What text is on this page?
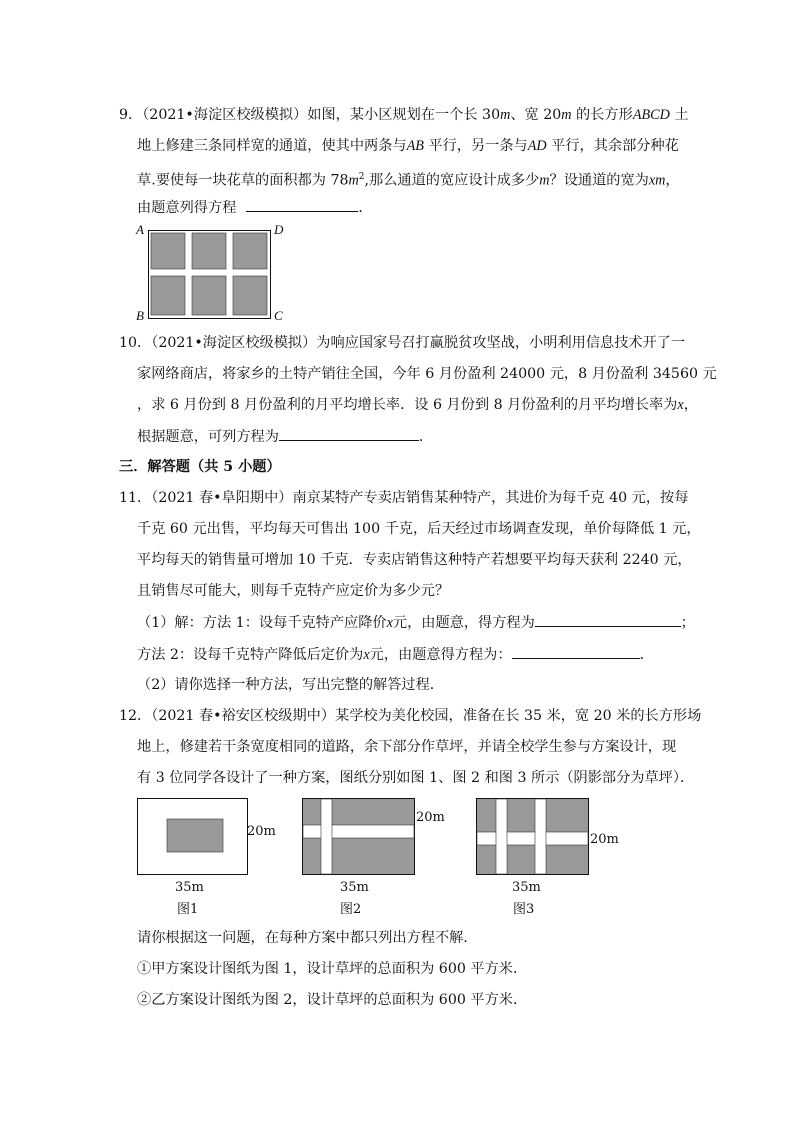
9．（2021•海淀区校级模拟）如图，某小区规划在一个长 30m、宽 20m 的长方形ABCD 土
地上修建三条同样宽的通道，使其中两条与AB 平行，另一条与AD 平行，其余部分种花
草.要使每一块花草的面积都为 $78m^2$,那么通道的宽应设计成多少m？设通道的宽为xm，
由题意列得方程	．
A	D
B	C
10．（2021•海淀区校级模拟）为响应国家号召打赢脱贫攻坚战，小明利用信息技术开了一
家网络商店，将家乡的土特产销往全国，今年 6 月份盈利 24000 元，8 月份盈利 34560 元
，求 6 月份到 8 月份盈利的月平均增长率．设 6 月份到 8 月份盈利的月平均增长率为x，
根据题意，可列方程为	．
三．解答题（共 5 小题）
11．（2021 春•阜阳期中）南京某特产专卖店销售某种特产，其进价为每千克 40 元，按每
千克 60 元出售，平均每天可售出 100 千克，后天经过市场调查发现，单价每降低 1 元，
平均每天的销售量可增加 10 千克．专卖店销售这种特产若想要平均每天获利 2240 元，
且销售尽可能大，则每千克特产应定价为多少元？
（1）解：方法 1：设每千克特产应降价x元，由题意，得方程为	；
方法 2：设每千克特产降低后定价为x元，由题意得方程为：	．
（2）请你选择一种方法，写出完整的解答过程．
12．（2021 春•裕安区校级期中）某学校为美化校园，准备在长 35 米，宽 20 米的长方形场
地上，修建若干条宽度相同的道路，余下部分作草坪，并请全校学生参与方案设计，现
有 3 位同学各设计了一种方案，图纸分别如图 1、图 2 和图 3 所示（阴影部分为草坪）．
20m
35m
图1
20m
35m
图2
20m
35m
图3
请你根据这一问题，在每种方案中都只列出方程不解．
①甲方案设计图纸为图 1，设计草坪的总面积为 600 平方米．
②乙方案设计图纸为图 2，设计草坪的总面积为 600 平方米．
